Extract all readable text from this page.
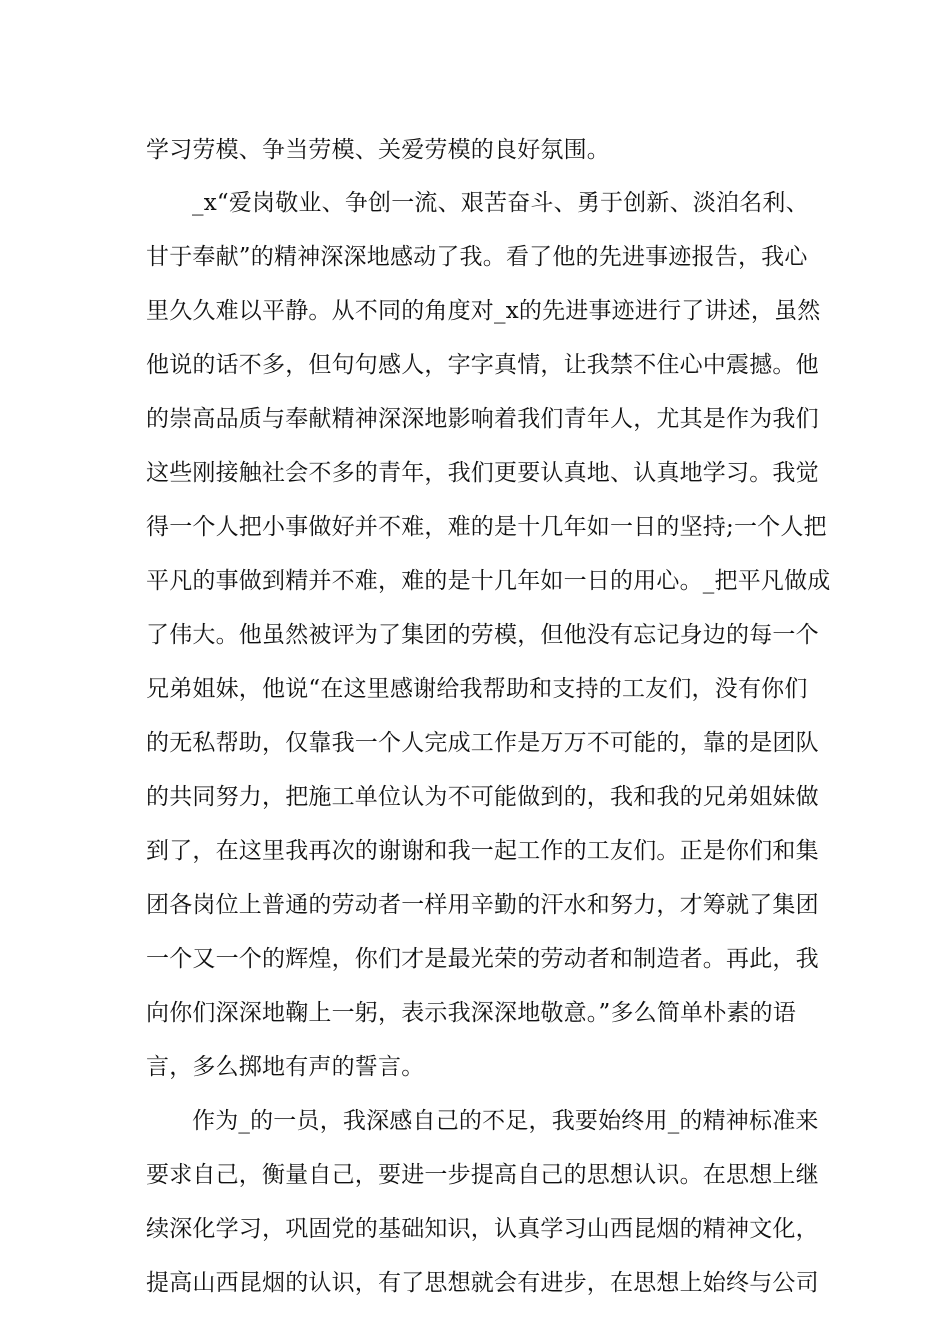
学习劳模、争当劳模、关爱劳模的良好氛围。
_x“爱岗敬业、争创一流、艰苦奋斗、勇于创新、淡泊名利、
甘于奉献”的精神深深地感动了我。看了他的先进事迹报告，我心
里久久难以平静。从不同的角度对_x的先进事迹进行了讲述，虽然
他说的话不多，但句句感人，字字真情，让我禁不住心中震撼。他
的崇高品质与奉献精神深深地影响着我们青年人，尤其是作为我们
这些刚接触社会不多的青年，我们更要认真地、认真地学习。我觉
得一个人把小事做好并不难，难的是十几年如一日的坚持;一个人把
平凡的事做到精并不难，难的是十几年如一日的用心。_把平凡做成
了伟大。他虽然被评为了集团的劳模，但他没有忘记身边的每一个
兄弟姐妹，他说“在这里感谢给我帮助和支持的工友们，没有你们
的无私帮助，仅靠我一个人完成工作是万万不可能的，靠的是团队
的共同努力，把施工单位认为不可能做到的，我和我的兄弟姐妹做
到了，在这里我再次的谢谢和我一起工作的工友们。正是你们和集
团各岗位上普通的劳动者一样用辛勤的汗水和努力，才筹就了集团
一个又一个的辉煌，你们才是最光荣的劳动者和制造者。再此，我
向你们深深地鞠上一躬，表示我深深地敬意。”多么简单朴素的语
言，多么掷地有声的誓言。
作为_的一员，我深感自己的不足，我要始终用_的精神标准来
要求自己，衡量自己，要进一步提高自己的思想认识。在思想上继
续深化学习，巩固党的基础知识，认真学习山西昆烟的精神文化，
提高山西昆烟的认识，有了思想就会有进步，在思想上始终与公司
